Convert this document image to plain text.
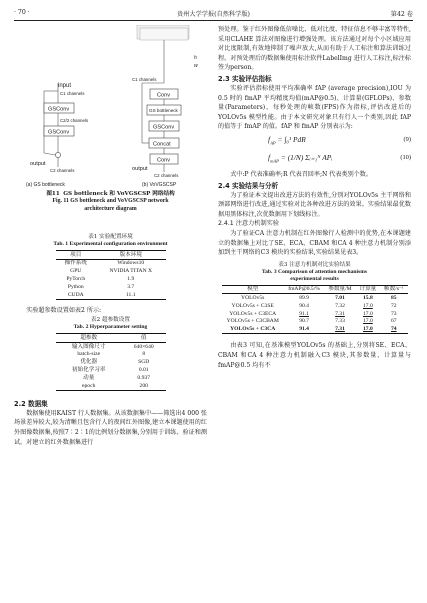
· 70 ·	贵州大学学报(自然科学版)	第42 卷
input
C1 channels
GSConv
C2/2 channels
GSConv
output
C2 channels
(a) GS bottleneck
h
w
C1 channels
Conv
GS bottleneck
GSConv
Concat
Conv
output
C2 channels
(b) VoVGSCSP
图11 GS bottleneck 和 VoVGSCSP 网络结构
Fig. 11 GS bottleneck and VoVGSCSP network
architecture diagram
表1 实验配置环境
Tab. 1 Experimental configuration environment
项目	版本环境
操作系统	Windows10
GPU	NVIDIA TITAN X
PyTorch	1.9
Python	3.7
CUDA	11.1

实验超参数设置如表2 所示:

表2 超参数设置
Tab. 2 Hyperparameter setting
超参数	值
输入图像尺寸	640×640
batch-size	8
优化器	SGD
初始化学习率	0.01
动量	0.937
epoch	200
2.2 数据集

数据集使用KAIST 行人数据集。从该数据集中——筛选出4 000 张场景差异较大,较为清晰且包含行人的夜间红外图像,建立本课题使用的红外图像数据集,按照7∶2∶1的比例划分数据集,分别用于训练、验证和测试。对建立的红外数据集进行

预处理。鉴于红外图像低信噪比、低对比度、特征信息不够丰富等特性,采用CLAHE 算法对图像进行增强处理。该方法通过对每个小区域应用对比度限制,有效地抑制了噪声放大,从而有助于人工标注和算法训练过程。对预处理后的数据集使用标注软件LabelImg 进行人工标注,标注标签为person。

2.3 实验评估指标

实验评估指标使用平均准确率 fAP (average precision),IOU 为 0.5 时的 fmAP 平均精度均值(mAP@0.5)、计算量(GFLOPs)、参数量(Parameters)、每秒处理的帧数(FPS)作为指标,评估改进后的YOLOv5s 模型性能。由于本文研究对象只有行人一个类别,因此 fAP 的值等于 fmAP 的值。fAP 和 fmAP 分别表示为:

$f_{AP} = \int_0^1$ PdR	(9)
$f_{mAP} = (1/N)$ Σᵢ₌₁ᴺ APᵢ	(10)

式中:P 代表准确率;R 代表召回率;N 代表类别个数。

2.4 实验结果与分析

为了验证本文提出改进方法的有效性,分别对YOLOv5s 主干网络和颈部网络进行改进,通过实验对比各种改进方法的效果。实验结果最优数据用黑体标注,次优数据用下划线标注。

2.4.1 注意力机制实验

为了验证CA 注意力机制在红外图像行人检测中的优势,在本课题建立的数据集上对比了SE、ECA、CBAM 和CA 4 种注意力机制分别添加到主干网络的C3 模块的实验结果,实验结果见表3。

表3 注意力机制对比实验结果
Tab. 3 Comparison of attention mechanisms
experimental results
模型	fmAP@0.5/%	参数量/M	计算量	帧数/s⁻¹
YOLOv5s	89.9	7.01	15.8	85
YOLOv5s + C3SE	90.4	7.32	17.0	72
YOLOv5s + C3ECA	91.1	7.31	17.0	73
YOLOv5s + C3CBAM	90.7	7.33	17.0	67
YOLOv5s + C3CA	91.4	7.31	17.0	74

由表3 可知,在基准模型YOLOv5s 的基础上,分别将SE、ECA、CBAM 和CA 4 种注意力机制融入C3 模块,其参数量、计算量与 fmAP@0.5 均有不
